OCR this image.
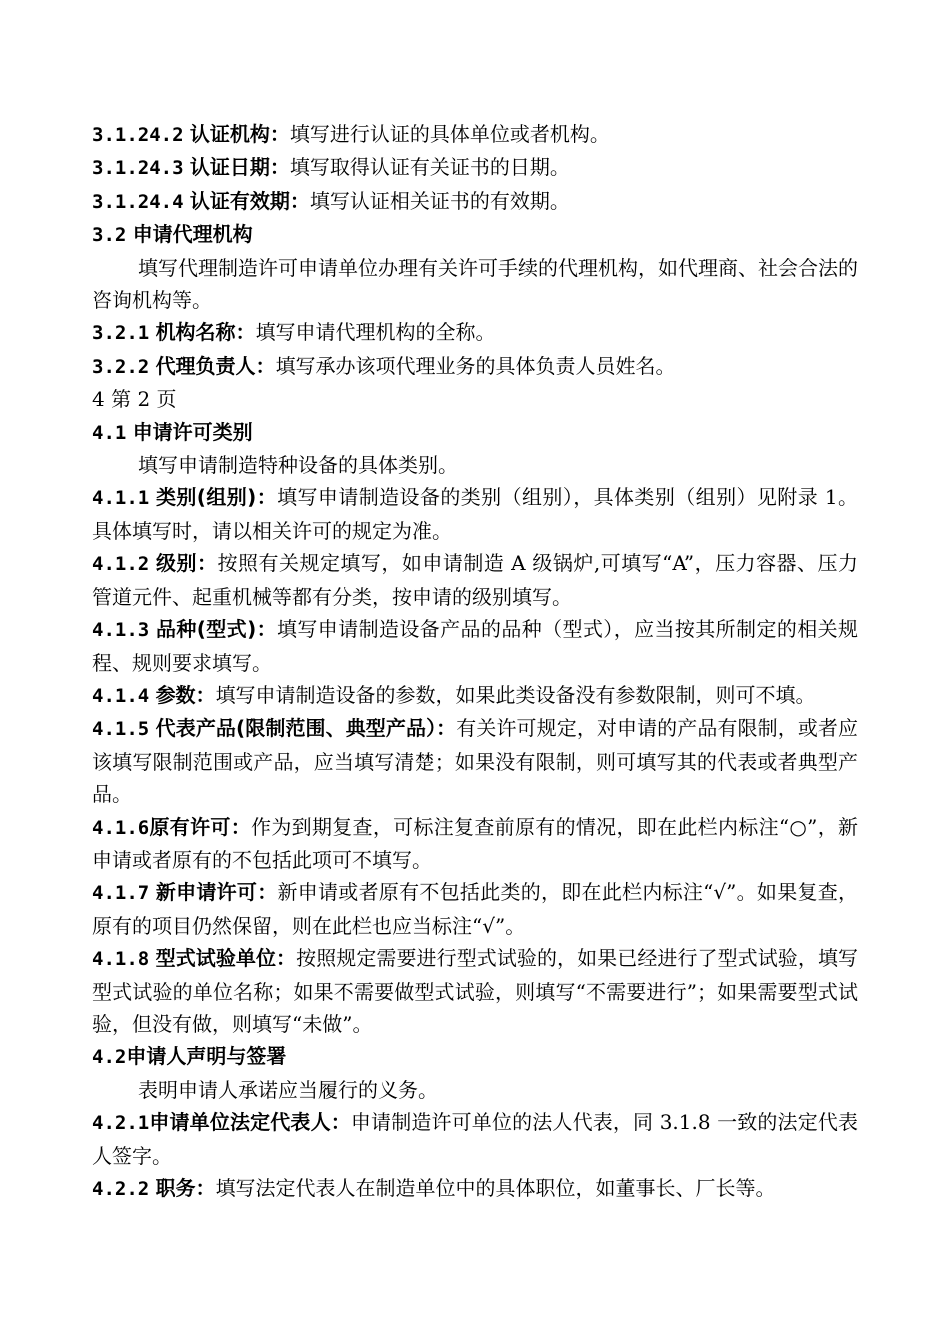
3.1.24.2 认证机构：填写进行认证的具体单位或者机构。

3.1.24.3 认证日期：填写取得认证有关证书的日期。

3.1.24.4 认证有效期：填写认证相关证书的有效期。

3.2 申请代理机构

填写代理制造许可申请单位办理有关许可手续的代理机构，如代理商、社会合法的咨询机构等。

3.2.1 机构名称：填写申请代理机构的全称。

3.2.2 代理负责人：填写承办该项代理业务的具体负责人员姓名。

4 第 2 页

4.1 申请许可类别

填写申请制造特种设备的具体类别。

4.1.1 类别(组别)：填写申请制造设备的类别（组别），具体类别（组别）见附录 1。具体填写时，请以相关许可的规定为准。

4.1.2 级别：按照有关规定填写，如申请制造 A 级锅炉,可填写“A”，压力容器、压力管道元件、起重机械等都有分类，按申请的级别填写。

4.1.3 品种(型式)：填写申请制造设备产品的品种（型式），应当按其所制定的相关规程、规则要求填写。

4.1.4 参数：填写申请制造设备的参数，如果此类设备没有参数限制，则可不填。

4.1.5 代表产品(限制范围、典型产品）：有关许可规定，对申请的产品有限制，或者应该填写限制范围或产品，应当填写清楚；如果没有限制，则可填写其的代表或者典型产品。

4.1.6原有许可：作为到期复查，可标注复查前原有的情况，即在此栏内标注“○”，新申请或者原有的不包括此项可不填写。

4.1.7 新申请许可：新申请或者原有不包括此类的，即在此栏内标注“√”。如果复查，原有的项目仍然保留，则在此栏也应当标注“√”。

4.1.8 型式试验单位：按照规定需要进行型式试验的，如果已经进行了型式试验，填写型式试验的单位名称；如果不需要做型式试验，则填写“不需要进行”；如果需要型式试验，但没有做，则填写“未做”。

4.2申请人声明与签署

表明申请人承诺应当履行的义务。

4.2.1申请单位法定代表人：申请制造许可单位的法人代表，同 3.1.8 一致的法定代表人签字。

4.2.2 职务：填写法定代表人在制造单位中的具体职位，如董事长、厂长等。
